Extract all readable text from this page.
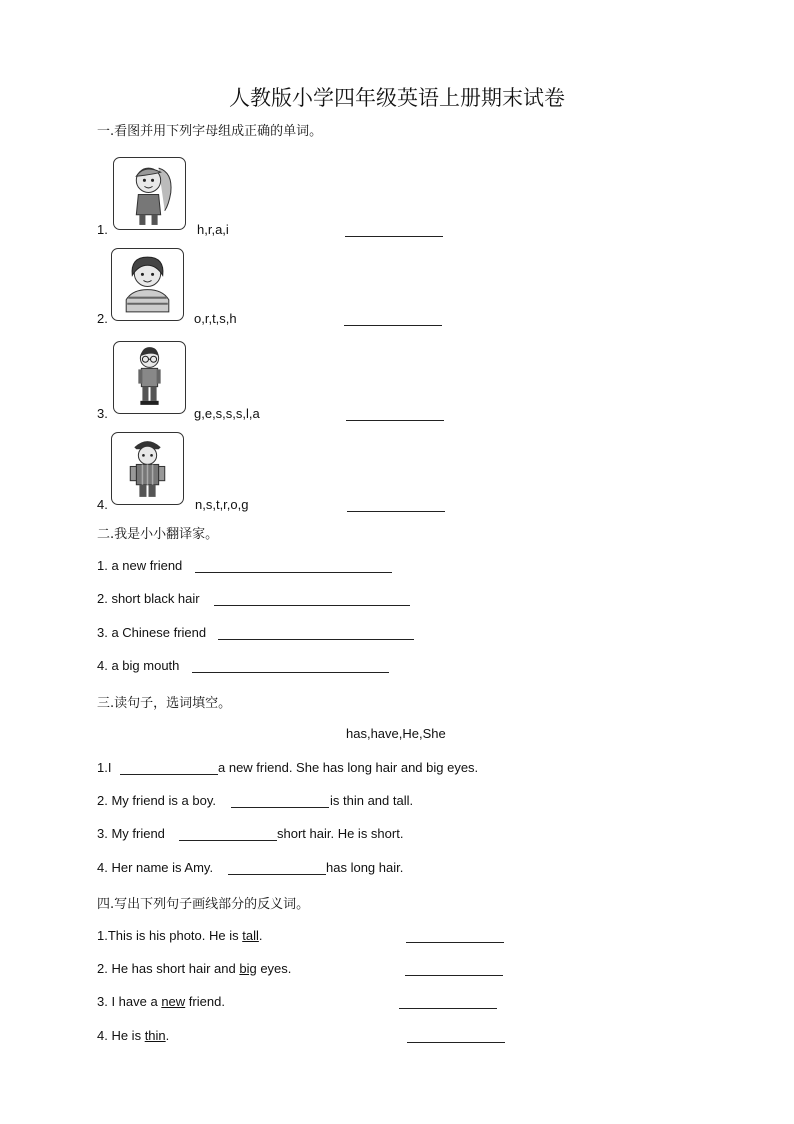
人教版小学四年级英语上册期末试卷
一.看图并用下列字母组成正确的单词。
1.	h,r,a,i
2.	o,r,t,s,h
3.	g,e,s,s,s,l,a
4.	n,s,t,r,o,g
二.我是小小翻译家。
1. a new friend
2. short black hair
3. a Chinese friend
4. a big mouth
三.读句子，选词填空。
has,have,He,She
1.I	a new friend. She has long hair and big eyes.
2. My friend is a boy.	is thin and tall.
3. My friend	short hair. He is short.
4. Her name is Amy.	has long hair.
四.写出下列句子画线部分的反义词。
1.This is his photo. He is tall.
2. He has short hair and big eyes.
3. I have a new friend.
4. He is thin.
